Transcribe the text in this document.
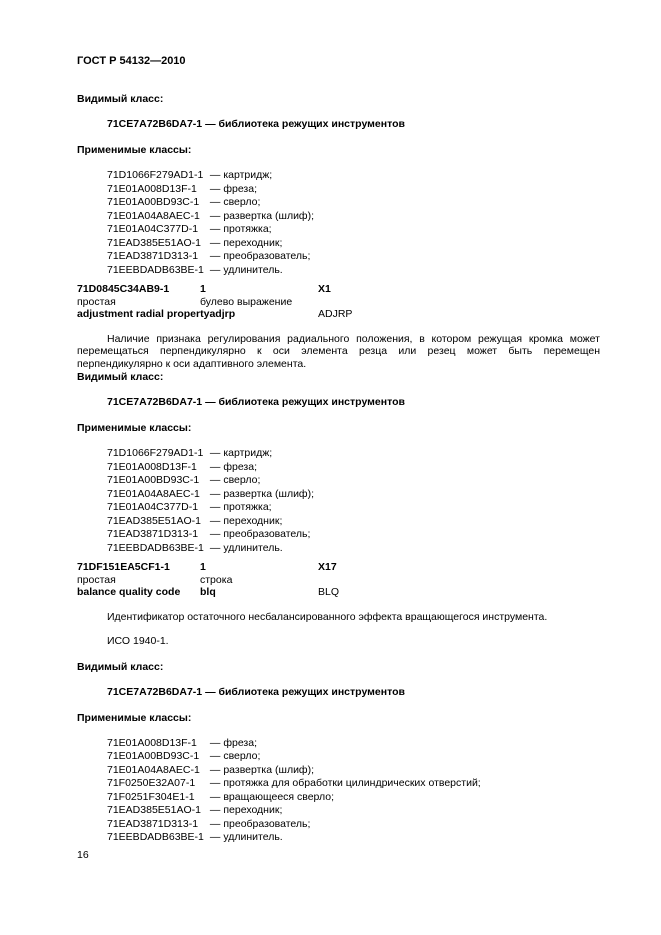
ГОСТ Р 54132—2010
Видимый класс:
71CE7A72B6DA7-1 — библиотека режущих инструментов
Применимые классы:
71D1066F279AD1-1 — картридж;
71E01A008D13F-1 — фреза;
71E01A00BD93C-1 — сверло;
71E01A04A8AEC-1 — развертка (шлиф);
71E01A04C377D-1 — протяжка;
71EAD385E51AO-1 — переходник;
71EAD3871D313-1 — преобразователь;
71EEBDADB63BE-1 — удлинитель.
71D0845C34AB9-1	1	X1
простая	булево выражение
adjustment radial propertyadjrp	ADJRP

Наличие признака регулирования радиального положения, в котором режущая кромка может перемещаться перпендикулярно к оси элемента резца или резец может быть перемещен перпендикулярно к оси адаптивного элемента.

Видимый класс:
71CE7A72B6DA7-1 — библиотека режущих инструментов
Применимые классы:
71D1066F279AD1-1 — картридж;
71E01A008D13F-1 — фреза;
71E01A00BD93C-1 — сверло;
71E01A04A8AEC-1 — развертка (шлиф);
71E01A04C377D-1 — протяжка;
71EAD385E51AO-1 — переходник;
71EAD3871D313-1 — преобразователь;
71EEBDADB63BE-1 — удлинитель.
71DF151EA5CF1-1	1	X17
простая	строка
balance quality code blq	BLQ

Идентификатор остаточного несбалансированного эффекта вращающегося инструмента.

ИСО 1940-1.
Видимый класс:
71CE7A72B6DA7-1 — библиотека режущих инструментов
Применимые классы:
71E01A008D13F-1 — фреза;
71E01A00BD93C-1 — сверло;
71E01A04A8AEC-1 — развертка (шлиф);
71F0250E32A07-1 — протяжка для обработки цилиндрических отверстий;
71F0251F304E1-1 — вращающееся сверло;
71EAD385E51AO-1 — переходник;
71EAD3871D313-1 — преобразователь;
71EEBDADB63BE-1 — удлинитель.
16
